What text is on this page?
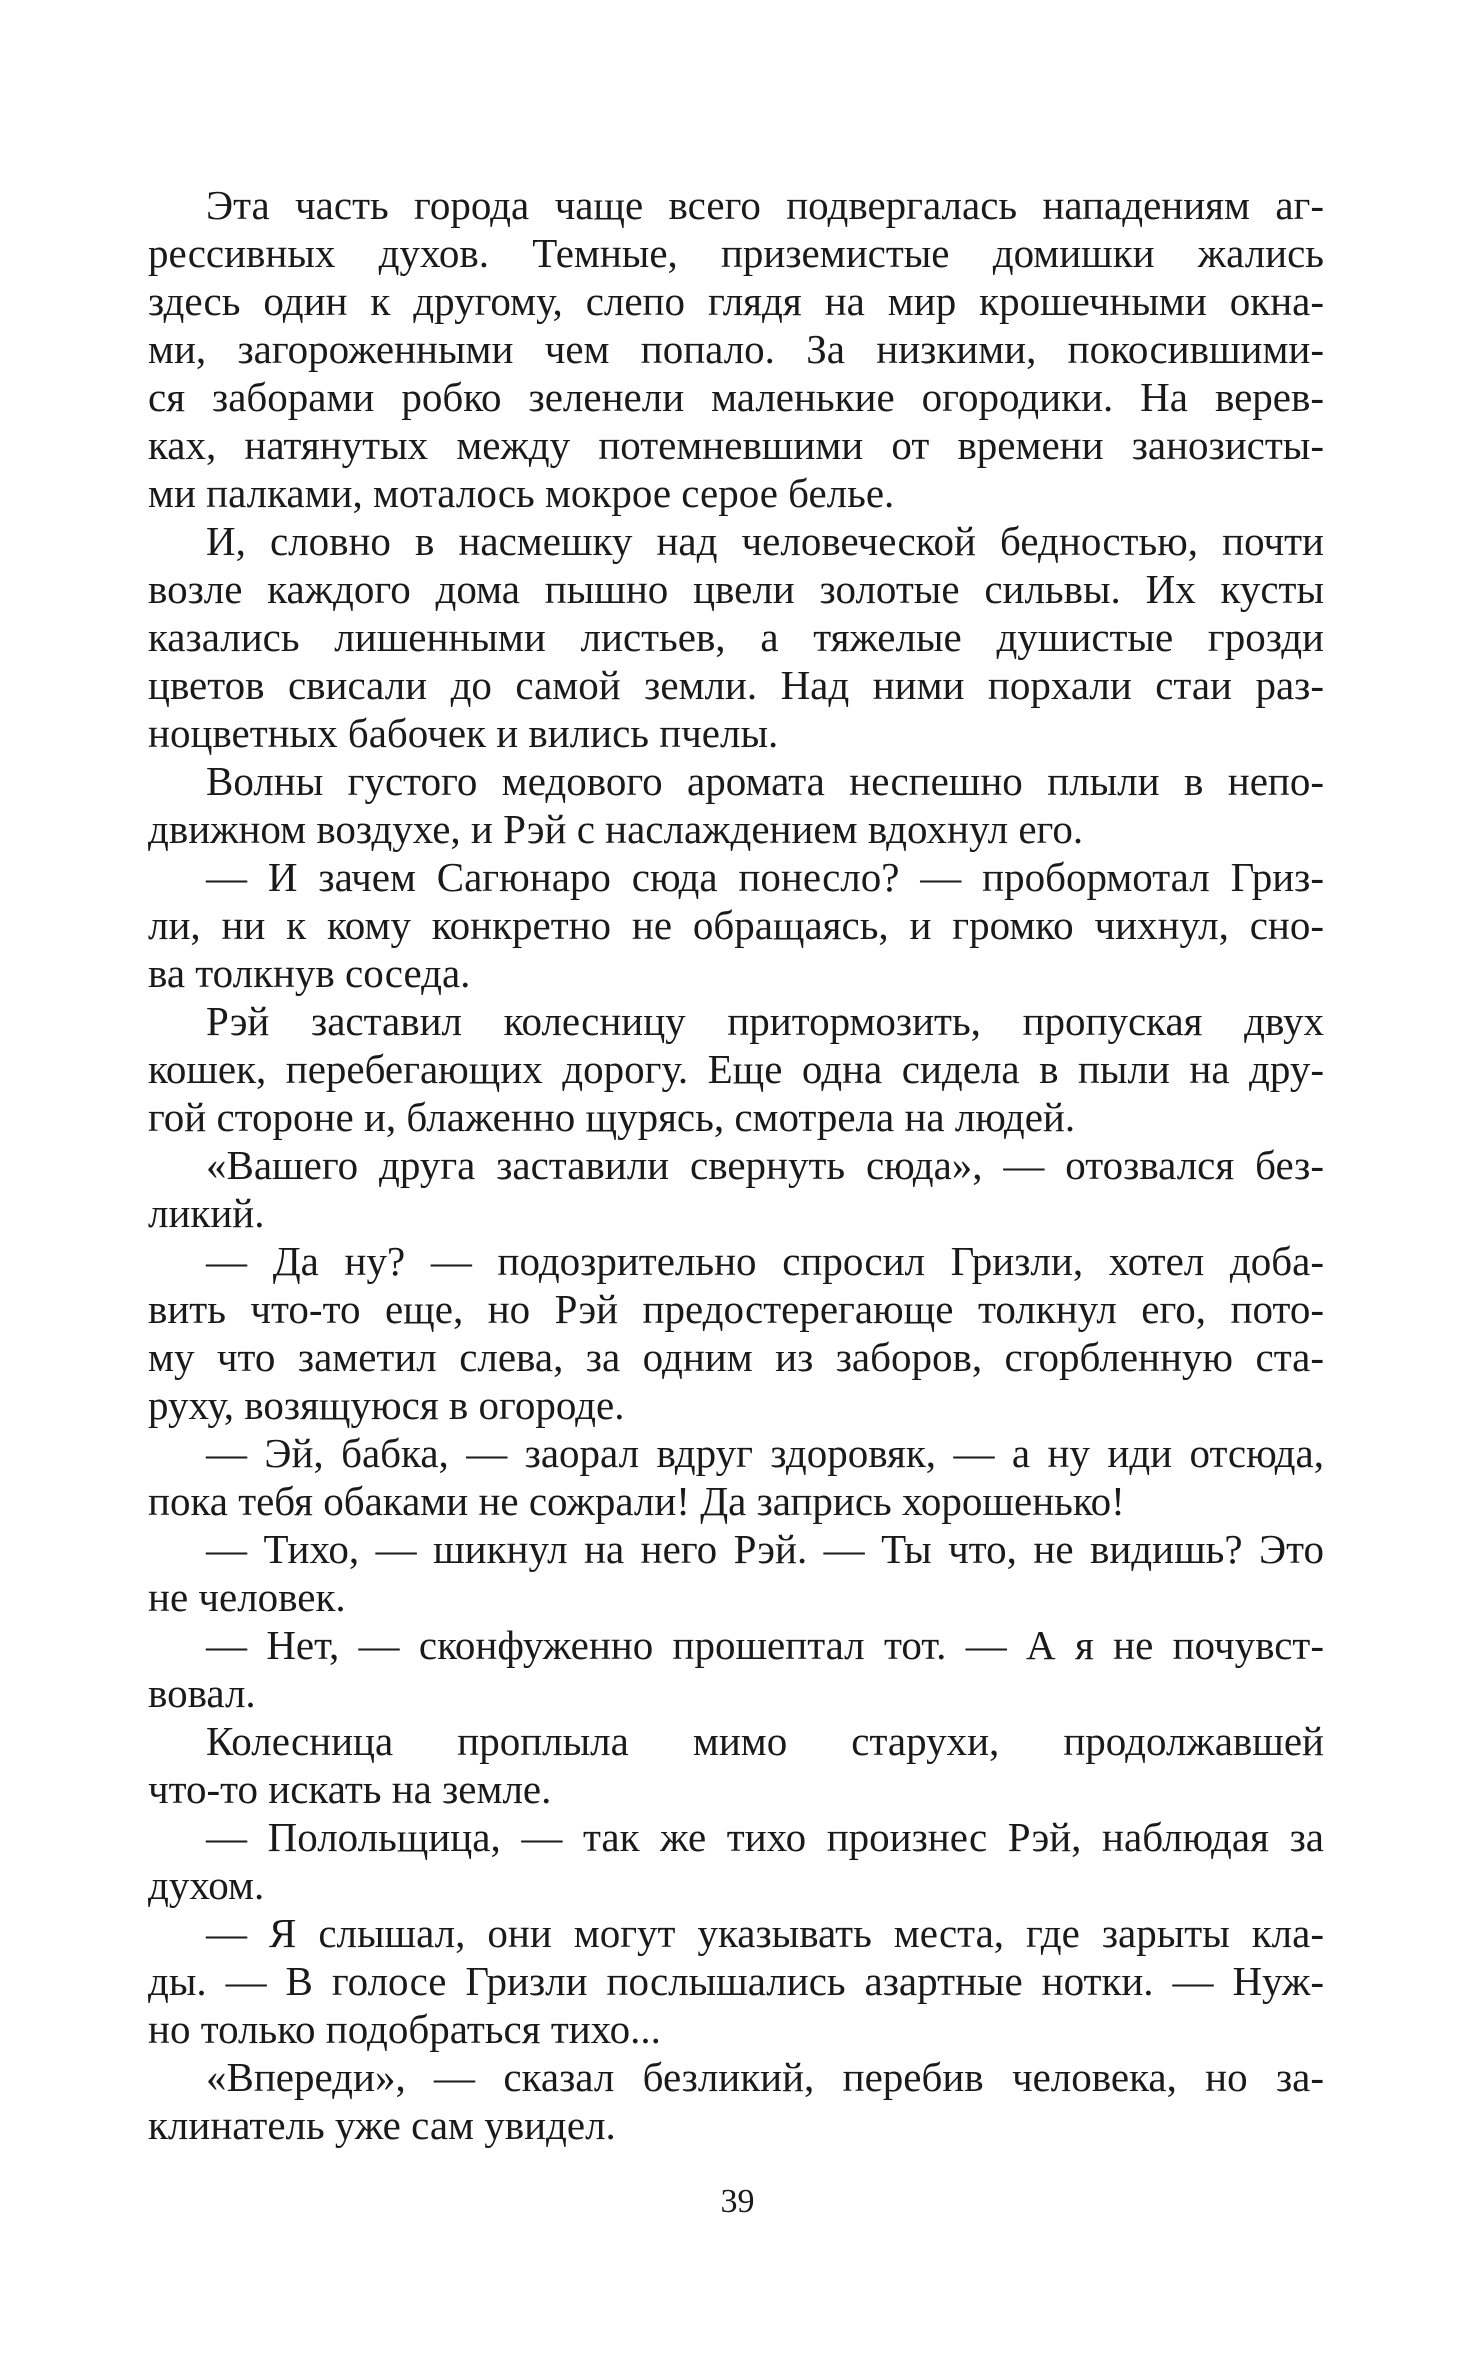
Эта часть города чаще всего подвергалась нападениям аг-
рессивных духов. Темные, приземистые домишки жались
здесь один к другому, слепо глядя на мир крошечными окна-
ми, загороженными чем попало. За низкими, покосившими-
ся заборами робко зеленели маленькие огородики. На верев-
ках, натянутых между потемневшими от времени занозисты-
ми палками, моталось мокрое серое белье.
И, словно в насмешку над человеческой бедностью, почти
возле каждого дома пышно цвели золотые сильвы. Их кусты
казались лишенными листьев, а тяжелые душистые грозди
цветов свисали до самой земли. Над ними порхали стаи раз-
ноцветных бабочек и вились пчелы.
Волны густого медового аромата неспешно плыли в непо-
движном воздухе, и Рэй с наслаждением вдохнул его.
— И зачем Сагюнаро сюда понесло? — пробормотал Гриз-
ли, ни к кому конкретно не обращаясь, и громко чихнул, сно-
ва толкнув соседа.
Рэй заставил колесницу притормозить, пропуская двух
кошек, перебегающих дорогу. Еще одна сидела в пыли на дру-
гой стороне и, блаженно щурясь, смотрела на людей.
«Вашего друга заставили свернуть сюда», — отозвался без-
ликий.
— Да ну? — подозрительно спросил Гризли, хотел доба-
вить что-то еще, но Рэй предостерегающе толкнул его, пото-
му что заметил слева, за одним из заборов, сгорбленную ста-
руху, возящуюся в огороде.
— Эй, бабка, — заорал вдруг здоровяк, — а ну иди отсюда,
пока тебя обаками не сожрали! Да запрись хорошенько!
— Тихо, — шикнул на него Рэй. — Ты что, не видишь? Это
не человек.
— Нет, — сконфуженно прошептал тот. — А я не почувст-
вовал.
Колесница проплыла мимо старухи, продолжавшей
что-то искать на земле.
— Полольщица, — так же тихо произнес Рэй, наблюдая за
духом.
— Я слышал, они могут указывать места, где зарыты кла-
ды. — В голосе Гризли послышались азартные нотки. — Нуж-
но только подобраться тихо...
«Впереди», — сказал безликий, перебив человека, но за-
клинатель уже сам увидел.
39
